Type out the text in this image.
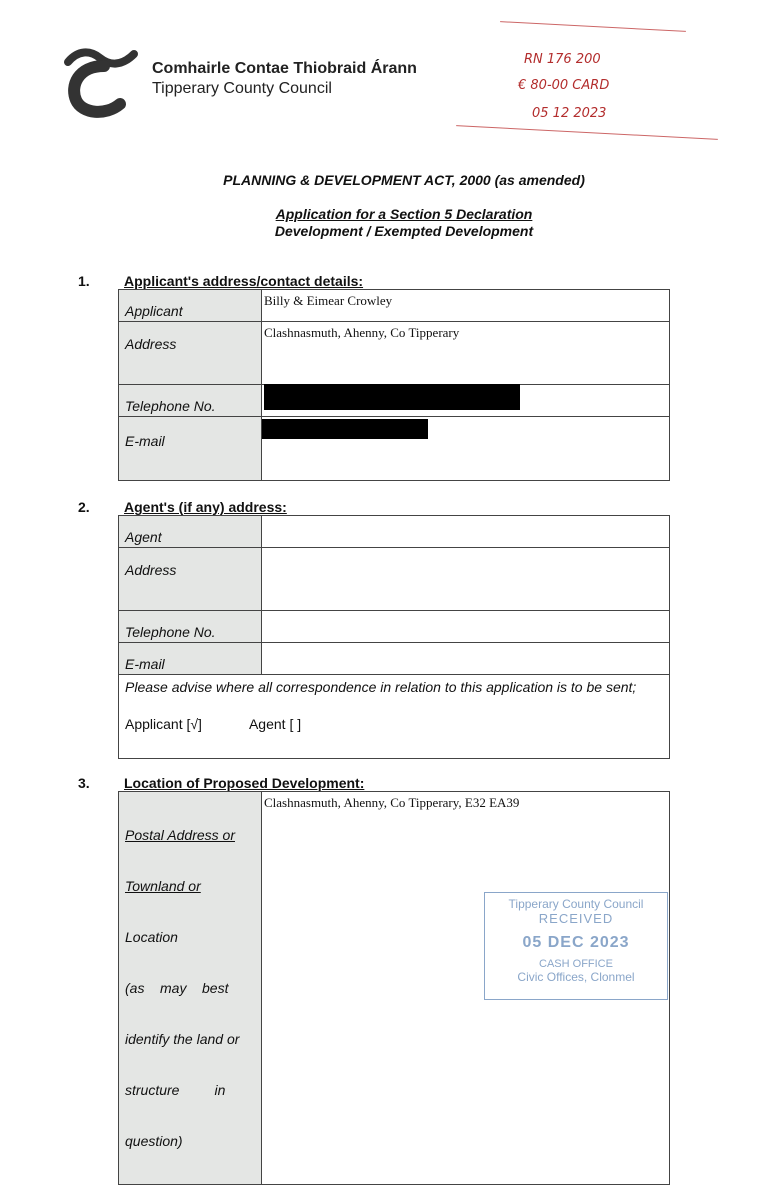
Comhairle Contae Thiobraid Árann
Tipperary County Council
RN 176 200
€ 80-00 CARD
05 12 2023
PLANNING & DEVELOPMENT ACT, 2000 (as amended)
Application for a Section 5 Declaration
Development / Exempted Development
1. Applicant's address/contact details:
Applicant	Billy & Eimear Crowley

Address	Clashnasmuth, Ahenny, Co Tipperary

Telephone No.	

E-mail	

2. Agent's (if any) address:
Agent	

Address	

Telephone No.	

E-mail	

Please advise where all correspondence in relation to this application is to be sent;
Applicant [√] Agent [ ]	
3. Location of Proposed Development:

Postal Address or

Townland or

Location

(as    may    best

identify the land or

structure         in

question)

	Clashnasmuth, Ahenny, Co Tipperary, E32 EA39
Tipperary County Council
RECEIVED
05 DEC 2023
CASH OFFICE
Civic Offices, Clonmel
